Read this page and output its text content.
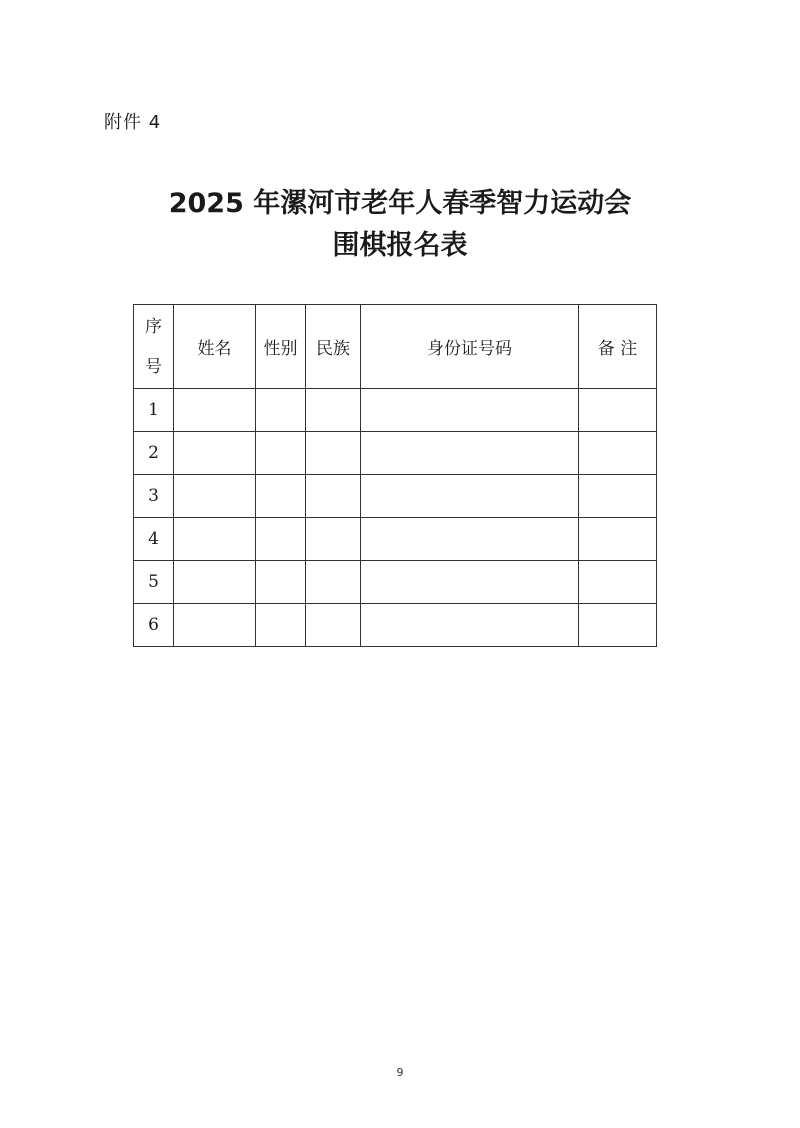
附件 4
2025 年漯河市老年人春季智力运动会
围棋报名表
序号	姓名	性别	民族	身份证号码	备 注
1					
2					
3					
4					
5					
6					
9
